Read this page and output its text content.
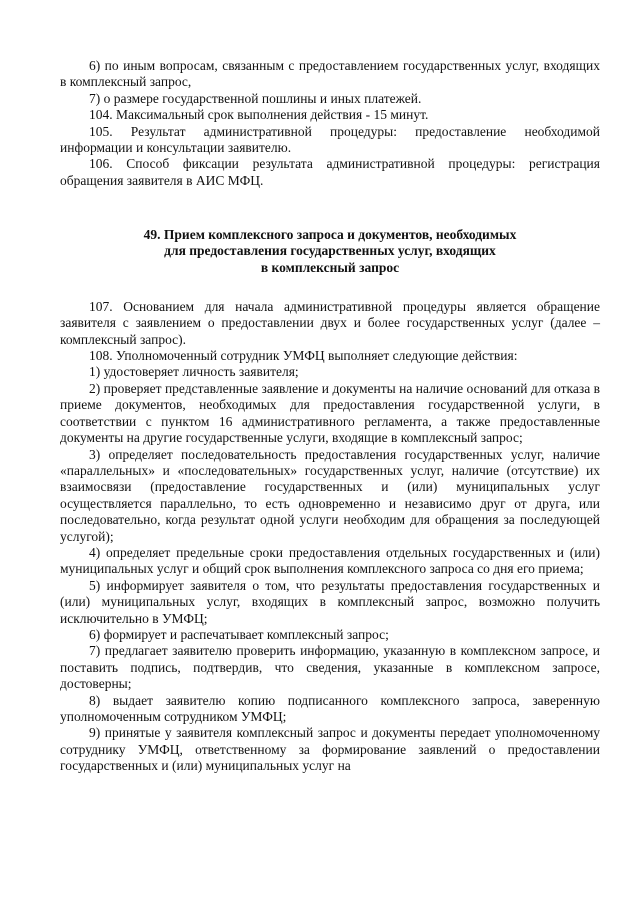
6) по иным вопросам, связанным с предоставлением государственных услуг, входящих в комплексный запрос,

7) о размере государственной пошлины и иных платежей.

104. Максимальный срок выполнения действия - 15 минут.

105. Результат административной процедуры: предоставление необходимой информации и консультации заявителю.

106. Способ фиксации результата административной процедуры: регистрация обращения заявителя в АИС МФЦ.

49. Прием комплексного запроса и документов, необходимых
для предоставления государственных услуг, входящих
в комплексный запрос

107. Основанием для начала административной процедуры является обращение заявителя с заявлением о предоставлении двух и более государственных услуг (далее – комплексный запрос).

108. Уполномоченный сотрудник УМФЦ выполняет следующие действия:

1) удостоверяет личность заявителя;

2) проверяет представленные заявление и документы на наличие оснований для отказа в приеме документов, необходимых для предоставления государственной услуги, в соответствии с пунктом 16 административного регламента, а также предоставленные документы на другие государственные услуги, входящие в комплексный запрос;

3) определяет последовательность предоставления государственных услуг, наличие «параллельных» и «последовательных» государственных услуг, наличие (отсутствие) их взаимосвязи (предоставление государственных и (или) муниципальных услуг осуществляется параллельно, то есть одновременно и независимо друг от друга, или последовательно, когда результат одной услуги необходим для обращения за последующей услугой);

4) определяет предельные сроки предоставления отдельных государственных и (или) муниципальных услуг и общий срок выполнения комплексного запроса со дня его приема;

5) информирует заявителя о том, что результаты предоставления государственных и (или) муниципальных услуг, входящих в комплексный запрос, возможно получить исключительно в УМФЦ;

6) формирует и распечатывает комплексный запрос;

7) предлагает заявителю проверить информацию, указанную в комплексном запросе, и поставить подпись, подтвердив, что сведения, указанные в комплексном запросе, достоверны;

8) выдает заявителю копию подписанного комплексного запроса, заверенную уполномоченным сотрудником УМФЦ;

9) принятые у заявителя комплексный запрос и документы передает уполномоченному сотруднику УМФЦ, ответственному за формирование заявлений о предоставлении государственных и (или) муниципальных услуг на
